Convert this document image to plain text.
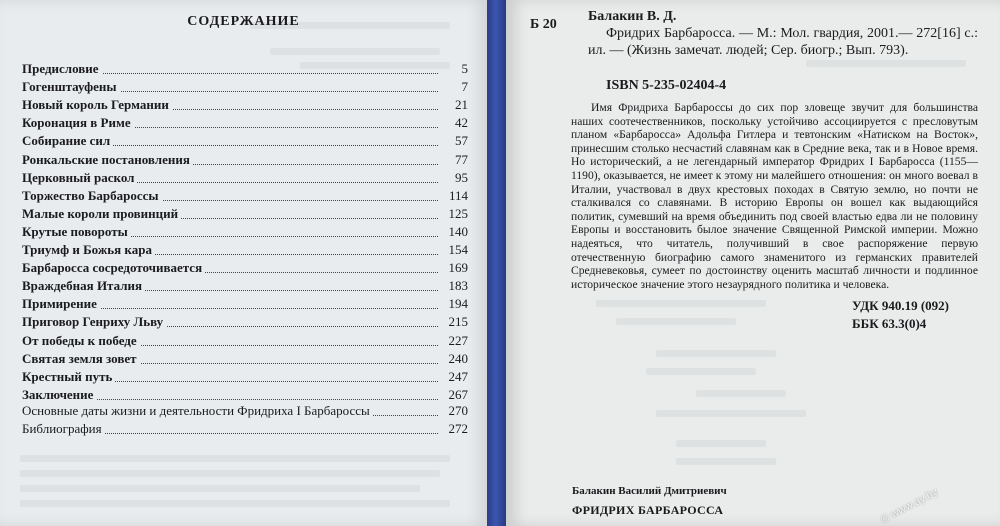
СОДЕРЖАНИЕ
Предисловие	5
Гогенштауфены	7
Новый король Германии	21
Коронация в Риме	42
Собирание сил	57
Ронкальские постановления	77
Церковный раскол	95
Торжество Барбароссы	114
Малые короли провинций	125
Крутые повороты	140
Триумф и Божья кара	154
Барбаросса сосредоточивается	169
Враждебная Италия	183
Примирение	194
Приговор Генриху Льву	215
От победы к победе	227
Святая земля зовет	240
Крестный путь	247
Заключение	267
Основные даты жизни и деятельности Фридриха I Барбароссы	270
Библиография	272
Б 20
Балакин В. Д.
Фридрих Барбаросса. — М.: Мол. гвардия, 2001.— 272[16] с.: ил. — (Жизнь замечат. людей; Сер. биогр.; Вып. 793).
ISBN 5-235-02404-4
Имя Фридриха Барбароссы до сих пор зловеще звучит для большинства наших соотечественников, поскольку устойчиво ассоциируется с пресловутым планом «Барбаросса» Адольфа Гитлера и тевтонским «Натиском на Восток», принесшим столько несчастий славянам как в Средние века, так и в Новое время. Но исторический, а не легендарный император Фридрих I Барбаросса (1155—1190), оказывается, не имеет к этому ни малейшего отношения: он много воевал в Италии, участвовал в двух крестовых походах в Святую землю, но почти не сталкивался со славянами. В историю Европы он вошел как выдающийся политик, сумевший на время объединить под своей властью едва ли не половину Европы и восстановить былое значение Священной Римской империи. Можно надеяться, что читатель, получивший в свое распоряжение первую отечественную биографию самого знаменитого из германских правителей Средневековья, сумеет по достоинству оценить масштаб личности и подлинное историческое значение этого незаурядного политика и человека.
УДК 940.19 (092)
ББК 63.3(0)4
Балакин Василий Дмитриевич
ФРИДРИХ БАРБАРОССА	© www.ay.by
